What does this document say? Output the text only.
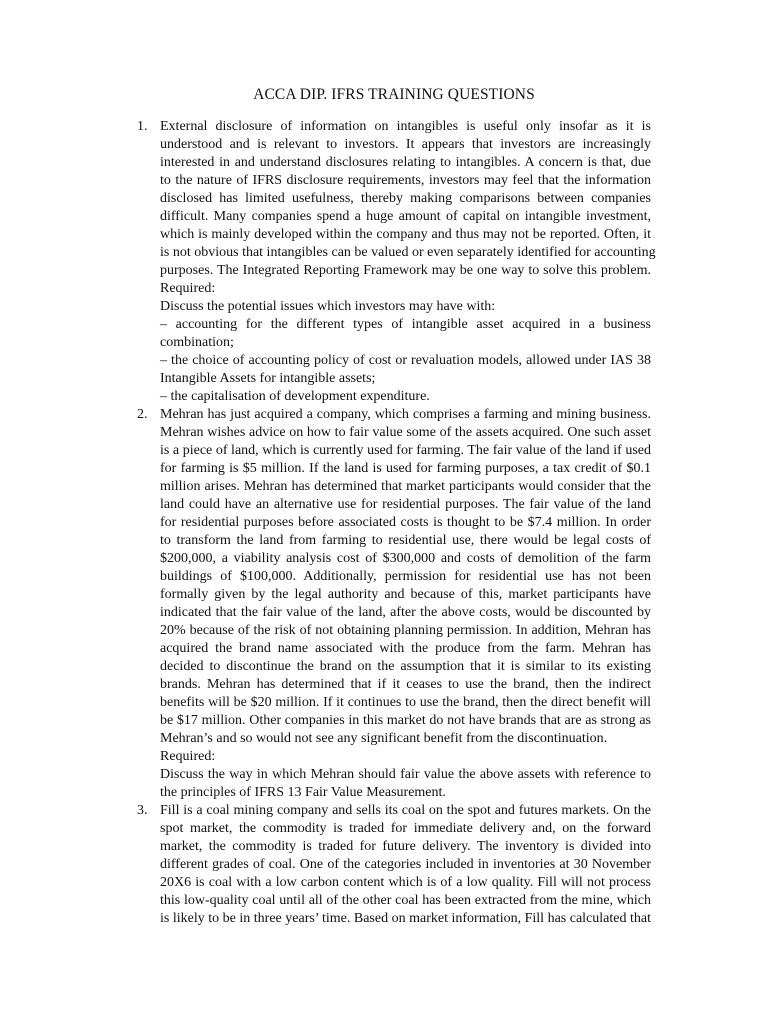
ACCA DIP. IFRS TRAINING QUESTIONS
1. External disclosure of information on intangibles is useful only insofar as it is
understood and is relevant to investors. It appears that investors are increasingly
interested in and understand disclosures relating to intangibles. A concern is that, due
to the nature of IFRS disclosure requirements, investors may feel that the information
disclosed has limited usefulness, thereby making comparisons between companies
difficult. Many companies spend a huge amount of capital on intangible investment,
which is mainly developed within the company and thus may not be reported. Often, it
is not obvious that intangibles can be valued or even separately identified for accounting
purposes. The Integrated Reporting Framework may be one way to solve this problem.
Required:
Discuss the potential issues which investors may have with:
– accounting for the different types of intangible asset acquired in a business
combination;
– the choice of accounting policy of cost or revaluation models, allowed under IAS 38
Intangible Assets for intangible assets;
– the capitalisation of development expenditure.
2. Mehran has just acquired a company, which comprises a farming and mining business.
Mehran wishes advice on how to fair value some of the assets acquired. One such asset
is a piece of land, which is currently used for farming. The fair value of the land if used
for farming is $5 million. If the land is used for farming purposes, a tax credit of $0.1
million arises. Mehran has determined that market participants would consider that the
land could have an alternative use for residential purposes. The fair value of the land
for residential purposes before associated costs is thought to be $7.4 million. In order
to transform the land from farming to residential use, there would be legal costs of
$200,000, a viability analysis cost of $300,000 and costs of demolition of the farm
buildings of $100,000. Additionally, permission for residential use has not been
formally given by the legal authority and because of this, market participants have
indicated that the fair value of the land, after the above costs, would be discounted by
20% because of the risk of not obtaining planning permission. In addition, Mehran has
acquired the brand name associated with the produce from the farm. Mehran has
decided to discontinue the brand on the assumption that it is similar to its existing
brands. Mehran has determined that if it ceases to use the brand, then the indirect
benefits will be $20 million. If it continues to use the brand, then the direct benefit will
be $17 million. Other companies in this market do not have brands that are as strong as
Mehran’s and so would not see any significant benefit from the discontinuation.
Required:
Discuss the way in which Mehran should fair value the above assets with reference to
the principles of IFRS 13 Fair Value Measurement.
3. Fill is a coal mining company and sells its coal on the spot and futures markets. On the
spot market, the commodity is traded for immediate delivery and, on the forward
market, the commodity is traded for future delivery. The inventory is divided into
different grades of coal. One of the categories included in inventories at 30 November
20X6 is coal with a low carbon content which is of a low quality. Fill will not process
this low-quality coal until all of the other coal has been extracted from the mine, which
is likely to be in three years’ time. Based on market information, Fill has calculated that
